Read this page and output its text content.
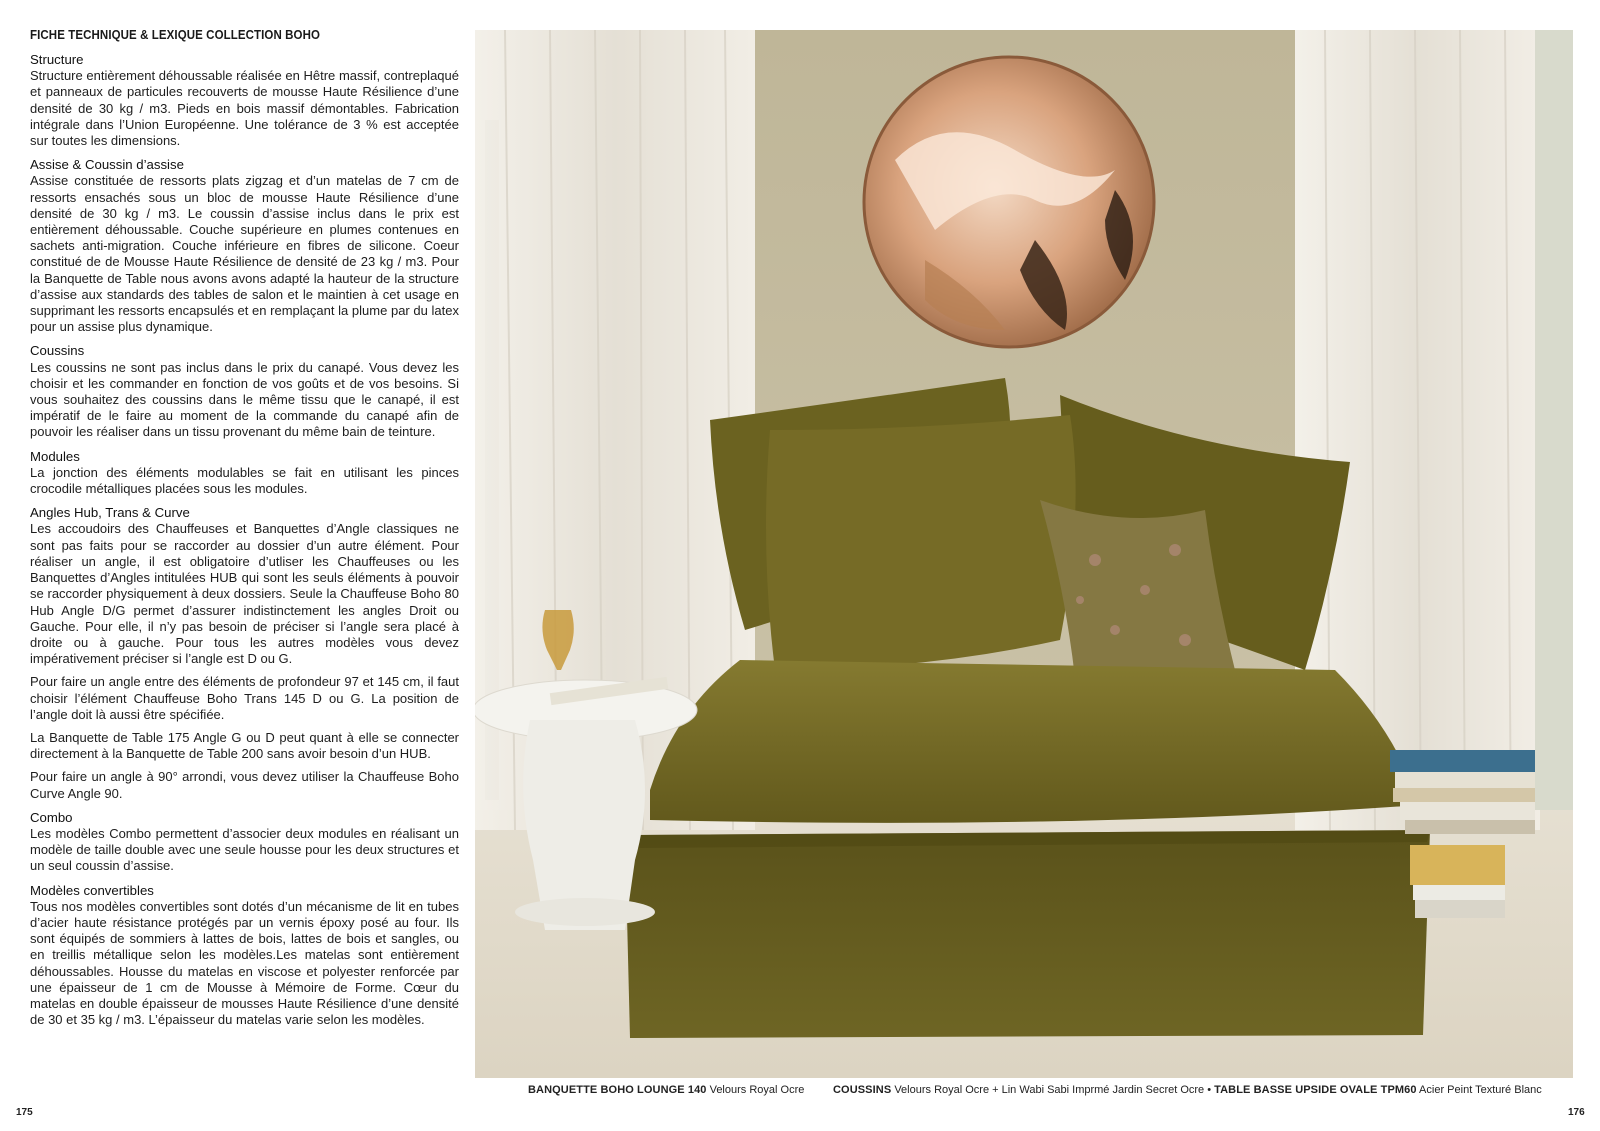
FICHE TECHNIQUE & LEXIQUE COLLECTION BOHO
Structure

Structure entièrement déhoussable réalisée en Hêtre massif, contreplaqué et panneaux de particules recouverts de mousse Haute Résilience d’une densité de 30 kg / m3. Pieds en bois massif démontables. Fabrication intégrale dans l’Union Européenne. Une tolérance de 3 % est acceptée sur toutes les dimensions.

Assise & Coussin d’assise

Assise constituée de ressorts plats zigzag et d’un matelas de 7 cm de ressorts ensachés sous un bloc de mousse Haute Résilience d’une densité de 30 kg / m3. Le coussin d’assise inclus dans le prix est entièrement déhoussable. Couche supérieure en plumes contenues en sachets anti-migration. Couche inférieure en fibres de silicone. Coeur constitué de de Mousse Haute Résilience de densité de 23 kg / m3. Pour la Banquette de Table nous avons avons adapté la hauteur de la structure d’assise aux standards des tables de salon et le maintien à cet usage en supprimant les ressorts encapsulés et en remplaçant la plume par du latex pour un assise plus dynamique.

Coussins

Les coussins ne sont pas inclus dans le prix du canapé. Vous devez les choisir et les commander en fonction de vos goûts et de vos besoins. Si vous souhaitez des coussins dans le même tissu que le canapé, il est impératif de le faire au moment de la commande du canapé afin de pouvoir les réaliser dans un tissu provenant du même bain de teinture.

Modules

La jonction des éléments modulables se fait en utilisant les pinces crocodile métalliques placées sous les modules.

Angles Hub, Trans & Curve

Les accoudoirs des Chauffeuses et Banquettes d’Angle classiques ne sont pas faits pour se raccorder au dossier d’un autre élément. Pour réaliser un angle, il est obligatoire d’utliser les Chauffeuses ou les Banquettes d’Angles intitulées HUB qui sont les seuls éléments à pouvoir se raccorder physiquement à deux dossiers. Seule la Chauffeuse Boho 80 Hub Angle D/G permet d’assurer indistinctement les angles Droit ou Gauche. Pour elle, il n’y pas besoin de préciser si l’angle sera placé à droite ou à gauche. Pour tous les autres modèles vous devez impérativement préciser si l’angle est D ou G.

Pour faire un angle entre des éléments de profondeur 97 et 145 cm, il faut choisir l’élément Chauffeuse Boho Trans 145 D ou G. La position de l’angle doit là aussi être spécifiée.

La Banquette de Table 175 Angle G ou D peut quant à elle se connecter directement à la Banquette de Table 200 sans avoir besoin d’un HUB.

Pour faire un angle à 90° arrondi, vous devez utiliser la Chauffeuse Boho Curve Angle 90.

Combo

Les modèles Combo permettent d’associer deux modules en réalisant un modèle de taille double avec une seule housse pour les deux structures et un seul coussin d’assise.

Modèles convertibles

Tous nos modèles convertibles sont dotés d’un mécanisme de lit en tubes d’acier haute résistance protégés par un vernis époxy posé au four. Ils sont équipés de sommiers à lattes de bois, lattes de bois et sangles, ou en treillis métallique selon les modèles.Les matelas sont entièrement déhoussables. Housse du matelas en viscose et polyester renforcée par une épaisseur de 1 cm de Mousse à Mémoire de Forme. Cœur du matelas en double épaisseur de mousses Haute Résilience d’une densité de 30 et 35 kg / m3. L’épaisseur du matelas varie selon les modèles.

BANQUETTE BOHO LOUNGE 140 Velours Royal Ocre	COUSSINS Velours Royal Ocre + Lin Wabi Sabi Imprmé Jardin Secret Ocre • TABLE BASSE UPSIDE OVALE TPM60 Acier Peint Texturé Blanc
175	176
